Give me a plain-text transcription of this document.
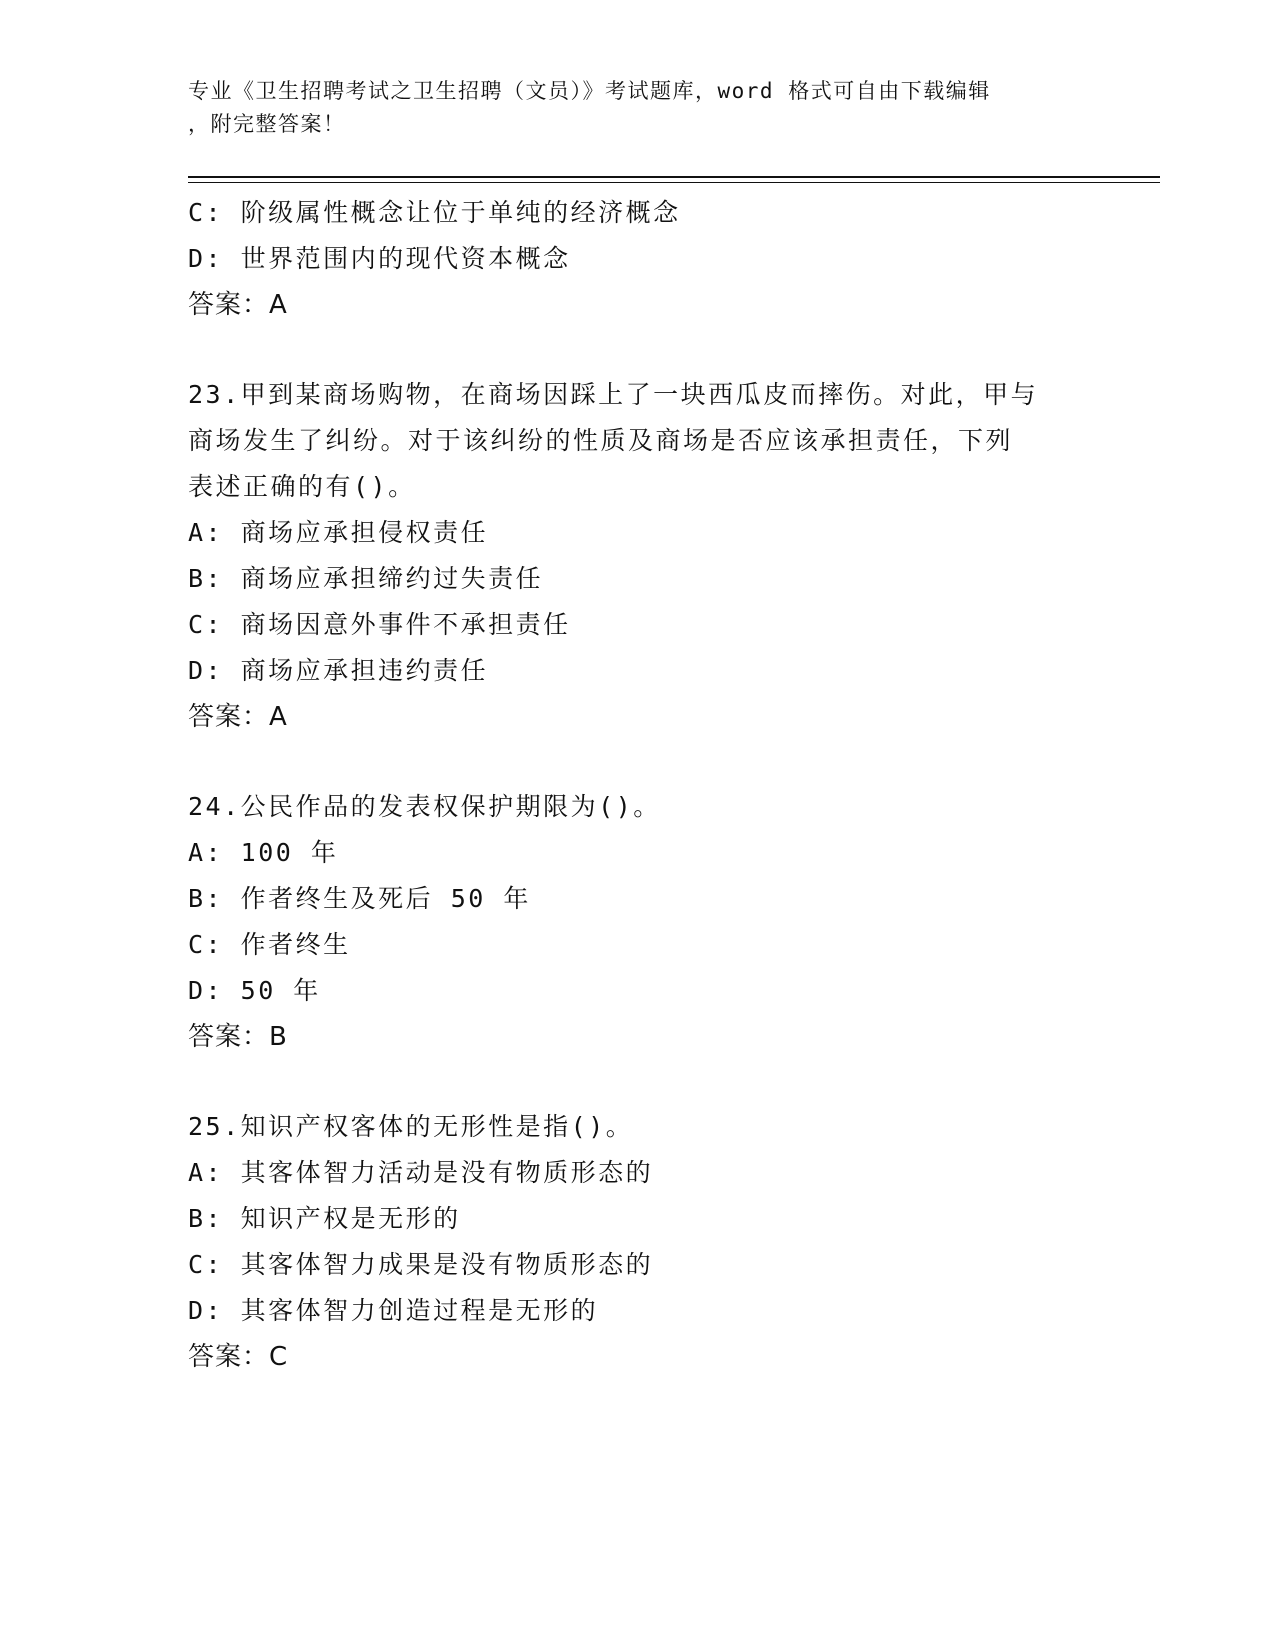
专业《卫生招聘考试之卫生招聘（文员）》考试题库，word 格式可自由下载编辑
，附完整答案！
C: 阶级属性概念让位于单纯的经济概念
D: 世界范围内的现代资本概念
答案：A
23.甲到某商场购物，在商场因踩上了一块西瓜皮而摔伤。对此，甲与
商场发生了纠纷。对于该纠纷的性质及商场是否应该承担责任，下列
表述正确的有()。
A: 商场应承担侵权责任
B: 商场应承担缔约过失责任
C: 商场因意外事件不承担责任
D: 商场应承担违约责任
答案：A
24.公民作品的发表权保护期限为()。
A: 100 年
B: 作者终生及死后 50 年
C: 作者终生
D: 50 年
答案：B
25.知识产权客体的无形性是指()。
A: 其客体智力活动是没有物质形态的
B: 知识产权是无形的
C: 其客体智力成果是没有物质形态的
D: 其客体智力创造过程是无形的
答案：C
